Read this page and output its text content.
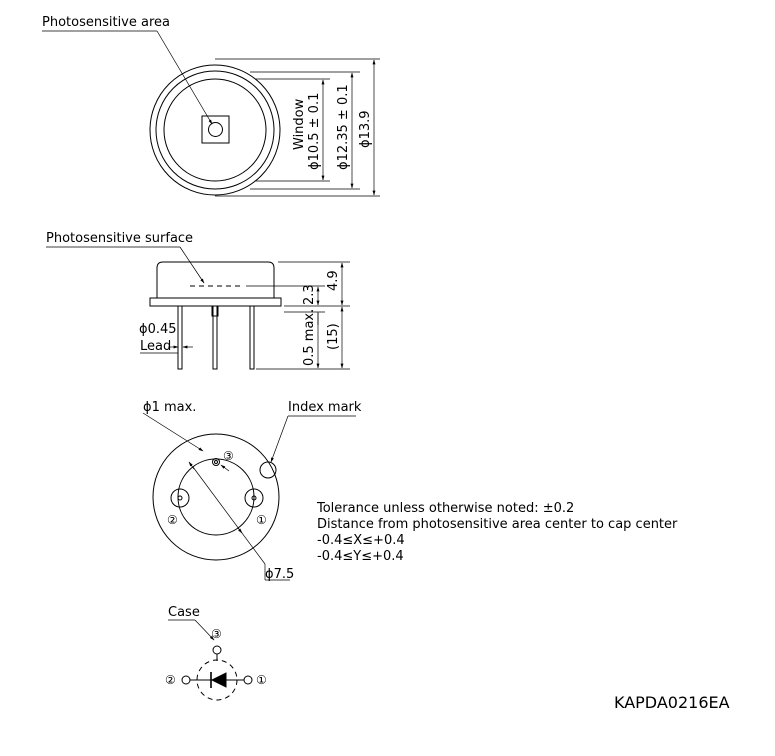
Photosensitive area
Window ϕ10.5 ± 0.1 ϕ12.35 ± 0.1 ϕ13.9
Photosensitive surface
ϕ0.45
Lead
4.9
2.3
0.5 max. (15)
ϕ1 max.	Index mark
ϕ7.5
③
②	①
Tolerance unless otherwise noted: ±0.2
Distance from photosensitive area center to cap center
-0.4≤X≤+0.4
-0.4≤Y≤+0.4
Case
③
②	①
KAPDA0216EA
